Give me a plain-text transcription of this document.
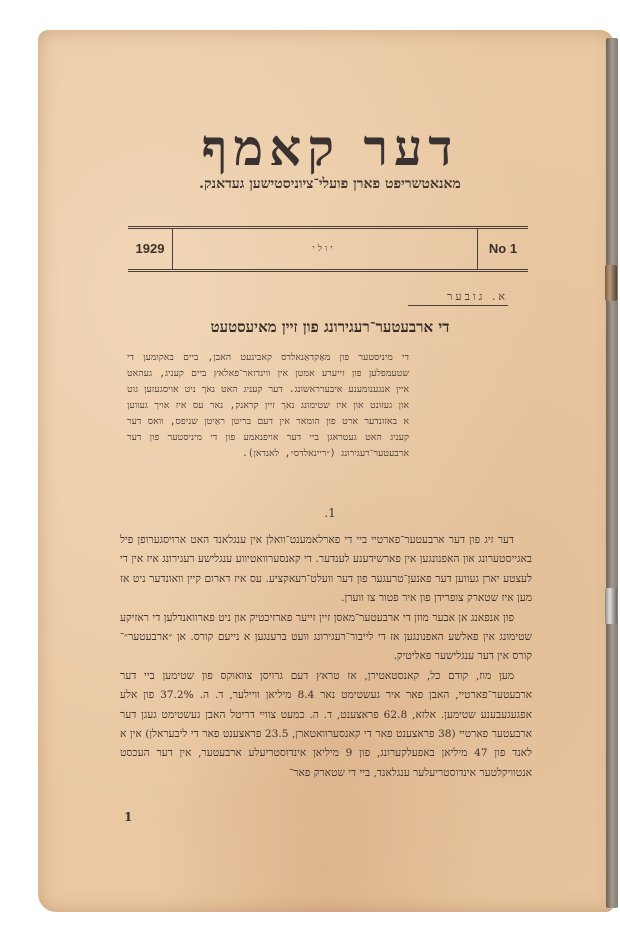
דער קאמף
מאנאטשריפט פארן פועלי־ציוניסטישען געדאנק.
1929	יולי	No 1
א. גובער
די ארבעטער־רעגירונג פון זיין מאיעסטעט

די מיניסטער פון מאַקדאַנאלדס קאבינעט האבן, ביים באקומען די שטעמפלען פון זייערע אמטן אין ווינדזאר־פאלאץ ביים קעניג, געהאט איין אנגענומענע איבערראשונג. דער קעניג האט נאך ניט אויסגעזען גוט און געזונט און איז שטימונג נאך זיין קראנק, נאר עס איז אויך געווען א באזונדער ארט פון הומאר אין דעם בריטן ראַיטן שניפס, וואס דער קעניג האט געטראגן ביי דער אויפנאמע פון די מיניסטער פון דער ארבעטער־רעגירונג (״ריינאלדס״, לאנדאן).

.1

דער זיג פון דער ארבעטער־פארטיי ביי די פארלאמענט־וואלן אין ענגלאנד האט ארויסגערופן פיל באגייסטערונג און האפנונגען אין פארשידענע לענדער. די קאנסערוואטיווע ענגלישע רעגירונג איז אין די לעצטע יארן געווען דער פאנען־טרעגער פון דער וועלט־רעאקציע. עס איז דארום קיין וואונדער ניט אז מען איז שטארק צופרידן פון איר פטור צו ווערן.

פון אנפאנג אן אבער מוזן די ארבעטער־מאסן זיין זייער פארזיכטיק און ניט פארוואנדלען די ראזיקע שטימונג אין פאלשע האפנונגען אז די לייבור־רעגירונג וועט ברענגען א נייעם קורס. אן ״ארבעטער״־קורס אין דער ענגלישער פאליטיק.

מען מוז, קודם כל, קאנסטאטירן, אז טראץ דעם גרויסן צוואוקס פון שטימען ביי דער ארבעטער־פארטיי, האבן פאר איר געשטימט נאר 8.4 מיליאן וויילער, ד. ה. 37.2% פון אלע אפגעגעבענע שטימען. אלזא, 62.8 פראצענט, ד. ה. כמעט צוויי דריטל האבן געשטימט געגן דער ארבעטער פארטיי (38 פראצענט פאר די קאנסערוואטארן, 23.5 פראצענט פאר די ליבעראלן) אין א לאנד פון 47 מיליאן באפעלקערונג, פון 9 מיליאן אינדוסטריעלע ארבעטער, אין דער העכסט אנטוויקלטער אינדוסטריעלער ענגלאנד, ביי די שטארק פאר־

1
